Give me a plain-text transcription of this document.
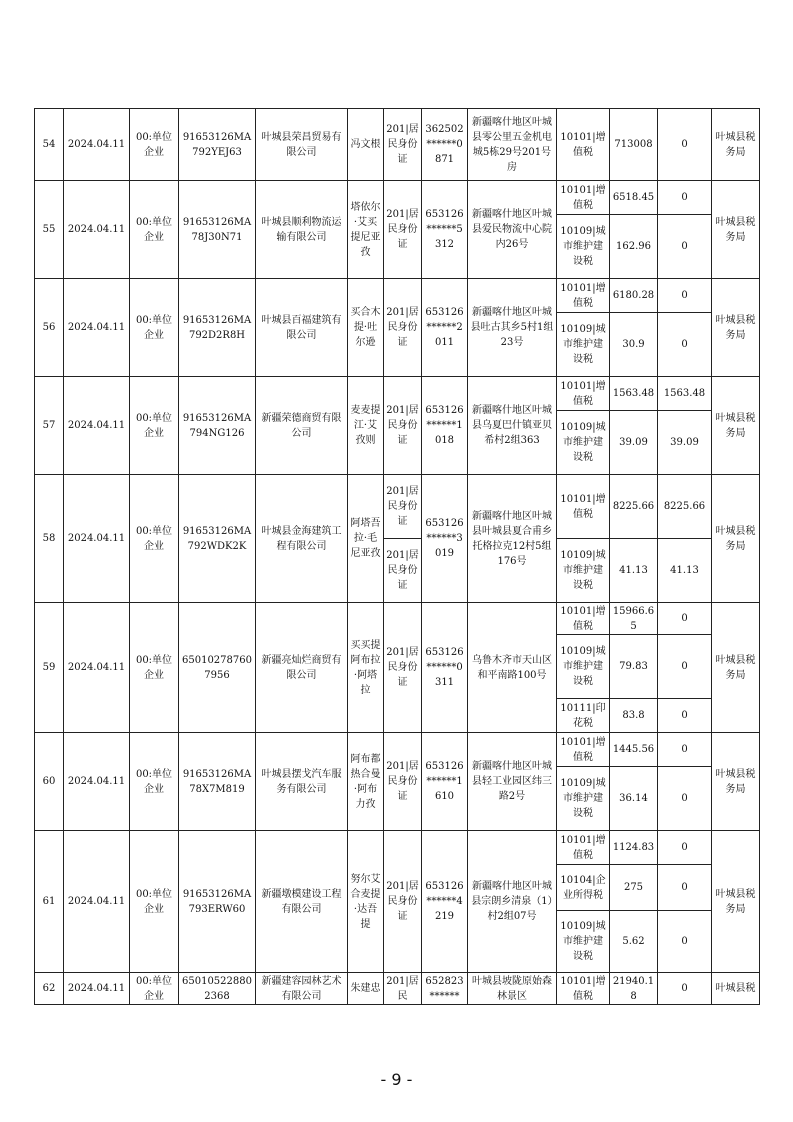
54	2024.04.11	00:单位企业	91653126MA792YEJ63	叶城县荣昌贸易有限公司	冯文根	201|居民身份证	362502******0871	新疆喀什地区叶城县零公里五金机电城5栋29号201号房	10101|增值税	713008	0	叶城县税务局
55	2024.04.11	00:单位企业	91653126MA78J30N71	叶城县顺利物流运输有限公司	塔依尔·艾买提尼亚孜	201|居民身份证	653126******5312	新疆喀什地区叶城县爱民物流中心院内26号	10101|增值税	6518.45	0	叶城县税务局
									10109|城市维护建设税	162.96	0	
56	2024.04.11	00:单位企业	91653126MA792D2R8H	叶城县百福建筑有限公司	买合木提·吐尔逊	201|居民身份证	653126******2011	新疆喀什地区叶城县吐古其乡5村1组23号	10101|增值税	6180.28	0	叶城县税务局
									10109|城市维护建设税	30.9	0	
57	2024.04.11	00:单位企业	91653126MA794NG126	新疆荣德商贸有限公司	麦麦提江·艾孜则	201|居民身份证	653126******1018	新疆喀什地区叶城县乌夏巴什镇亚贝希村2组363	10101|增值税	1563.48	1563.48	叶城县税务局
									10109|城市维护建设税	39.09	39.09	
58	2024.04.11	00:单位企业	91653126MA792WDK2K	叶城县金海建筑工程有限公司	阿塔吾拉·毛尼亚孜	201|居民身份证	653126******3019	新疆喀什地区叶城县叶城县夏合甫乡托格拉克12村5组176号	10101|增值税	8225.66	8225.66	叶城县税务局
						201|居民身份证			10109|城市维护建设税	41.13	41.13	
59	2024.04.11	00:单位企业	650102787607956	新疆亮灿烂商贸有限公司	买买提阿布拉·阿塔拉	201|居民身份证	653126******0311	乌鲁木齐市天山区和平南路100号	10101|增值税	15966.65	0	叶城县税务局
									10109|城市维护建设税	79.83	0	
									10111|印花税	83.8	0	
60	2024.04.11	00:单位企业	91653126MA78X7M819	叶城县摆戈汽车服务有限公司	阿布都热合曼·阿布力孜	201|居民身份证	653126******1610	新疆喀什地区叶城县轻工业园区纬三路2号	10101|增值税	1445.56	0	叶城县税务局
									10109|城市维护建设税	36.14	0	
61	2024.04.11	00:单位企业	91653126MA793ERW60	新疆墩模建设工程有限公司	努尔艾合麦提·达吾提	201|居民身份证	653126******4219	新疆喀什地区叶城县宗朗乡清泉（1）村2组07号	10101|增值税	1124.83	0	叶城县税务局
									10104|企业所得税	275	0	
									10109|城市维护建设税	5.62	0	
62	2024.04.11	00:单位企业	650105228802368	新疆建容园林艺术有限公司	朱建忠	201|居民	652823******	叶城县坡陇原始森林景区	10101|增值税	21940.18	0	叶城县税
- 9 -
